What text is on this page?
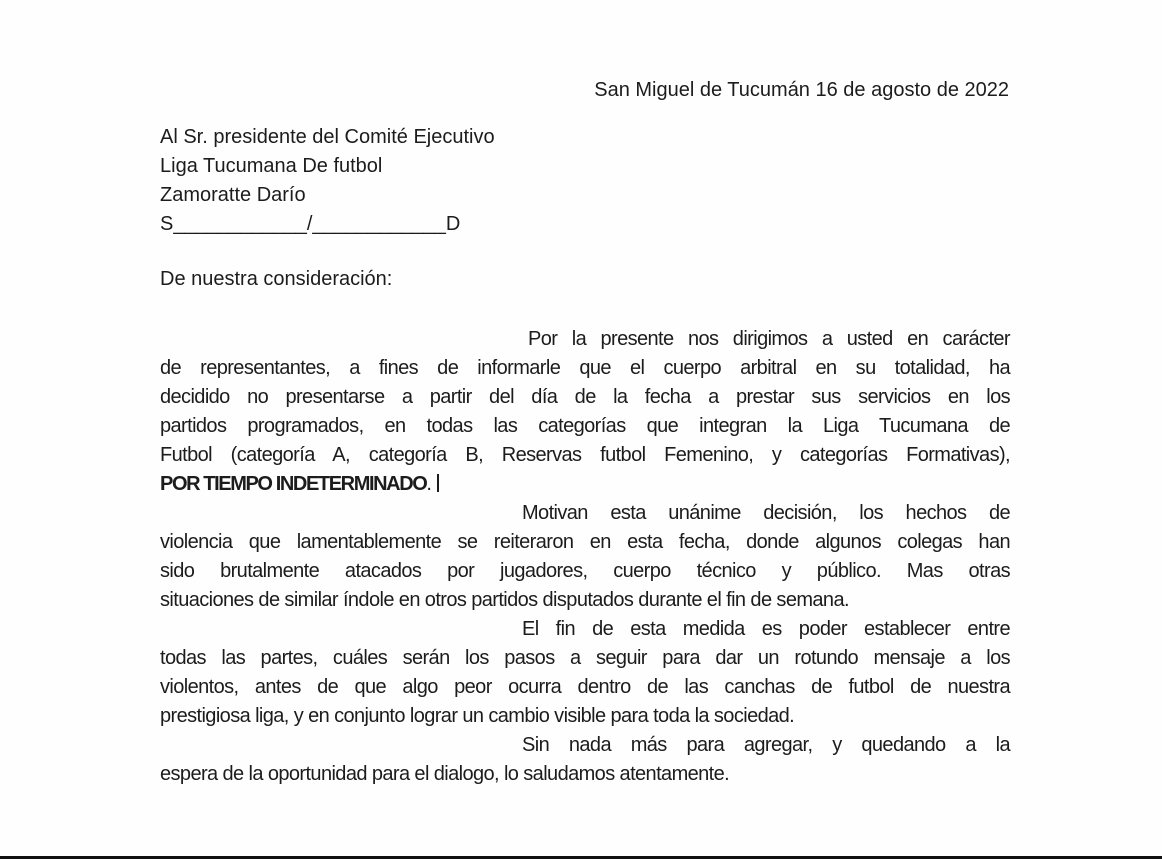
San Miguel de Tucumán 16 de agosto de 2022
Al Sr. presidente del Comité Ejecutivo
Liga Tucumana De futbol
Zamoratte Darío
S____________/____________D
De nuestra consideración:
Por la presente nos dirigimos a usted en carácter
de representantes, a fines de informarle que el cuerpo arbitral en su totalidad, ha
decidido no presentarse a partir del día de la fecha a prestar sus servicios en los
partidos programados, en todas las categorías que integran la Liga Tucumana de
Futbol (categoría A, categoría B, Reservas futbol Femenino, y categorías Formativas),
POR TIEMPO INDETERMINADO.
Motivan esta unánime decisión, los hechos de
violencia que lamentablemente se reiteraron en esta fecha, donde algunos colegas han
sido brutalmente atacados por jugadores, cuerpo técnico y público. Mas otras
situaciones de similar índole en otros partidos disputados durante el fin de semana.
El fin de esta medida es poder establecer entre
todas las partes, cuáles serán los pasos a seguir para dar un rotundo mensaje a los
violentos, antes de que algo peor ocurra dentro de las canchas de futbol de nuestra
prestigiosa liga, y en conjunto lograr un cambio visible para toda la sociedad.
Sin nada más para agregar, y quedando a la
espera de la oportunidad para el dialogo, lo saludamos atentamente.
